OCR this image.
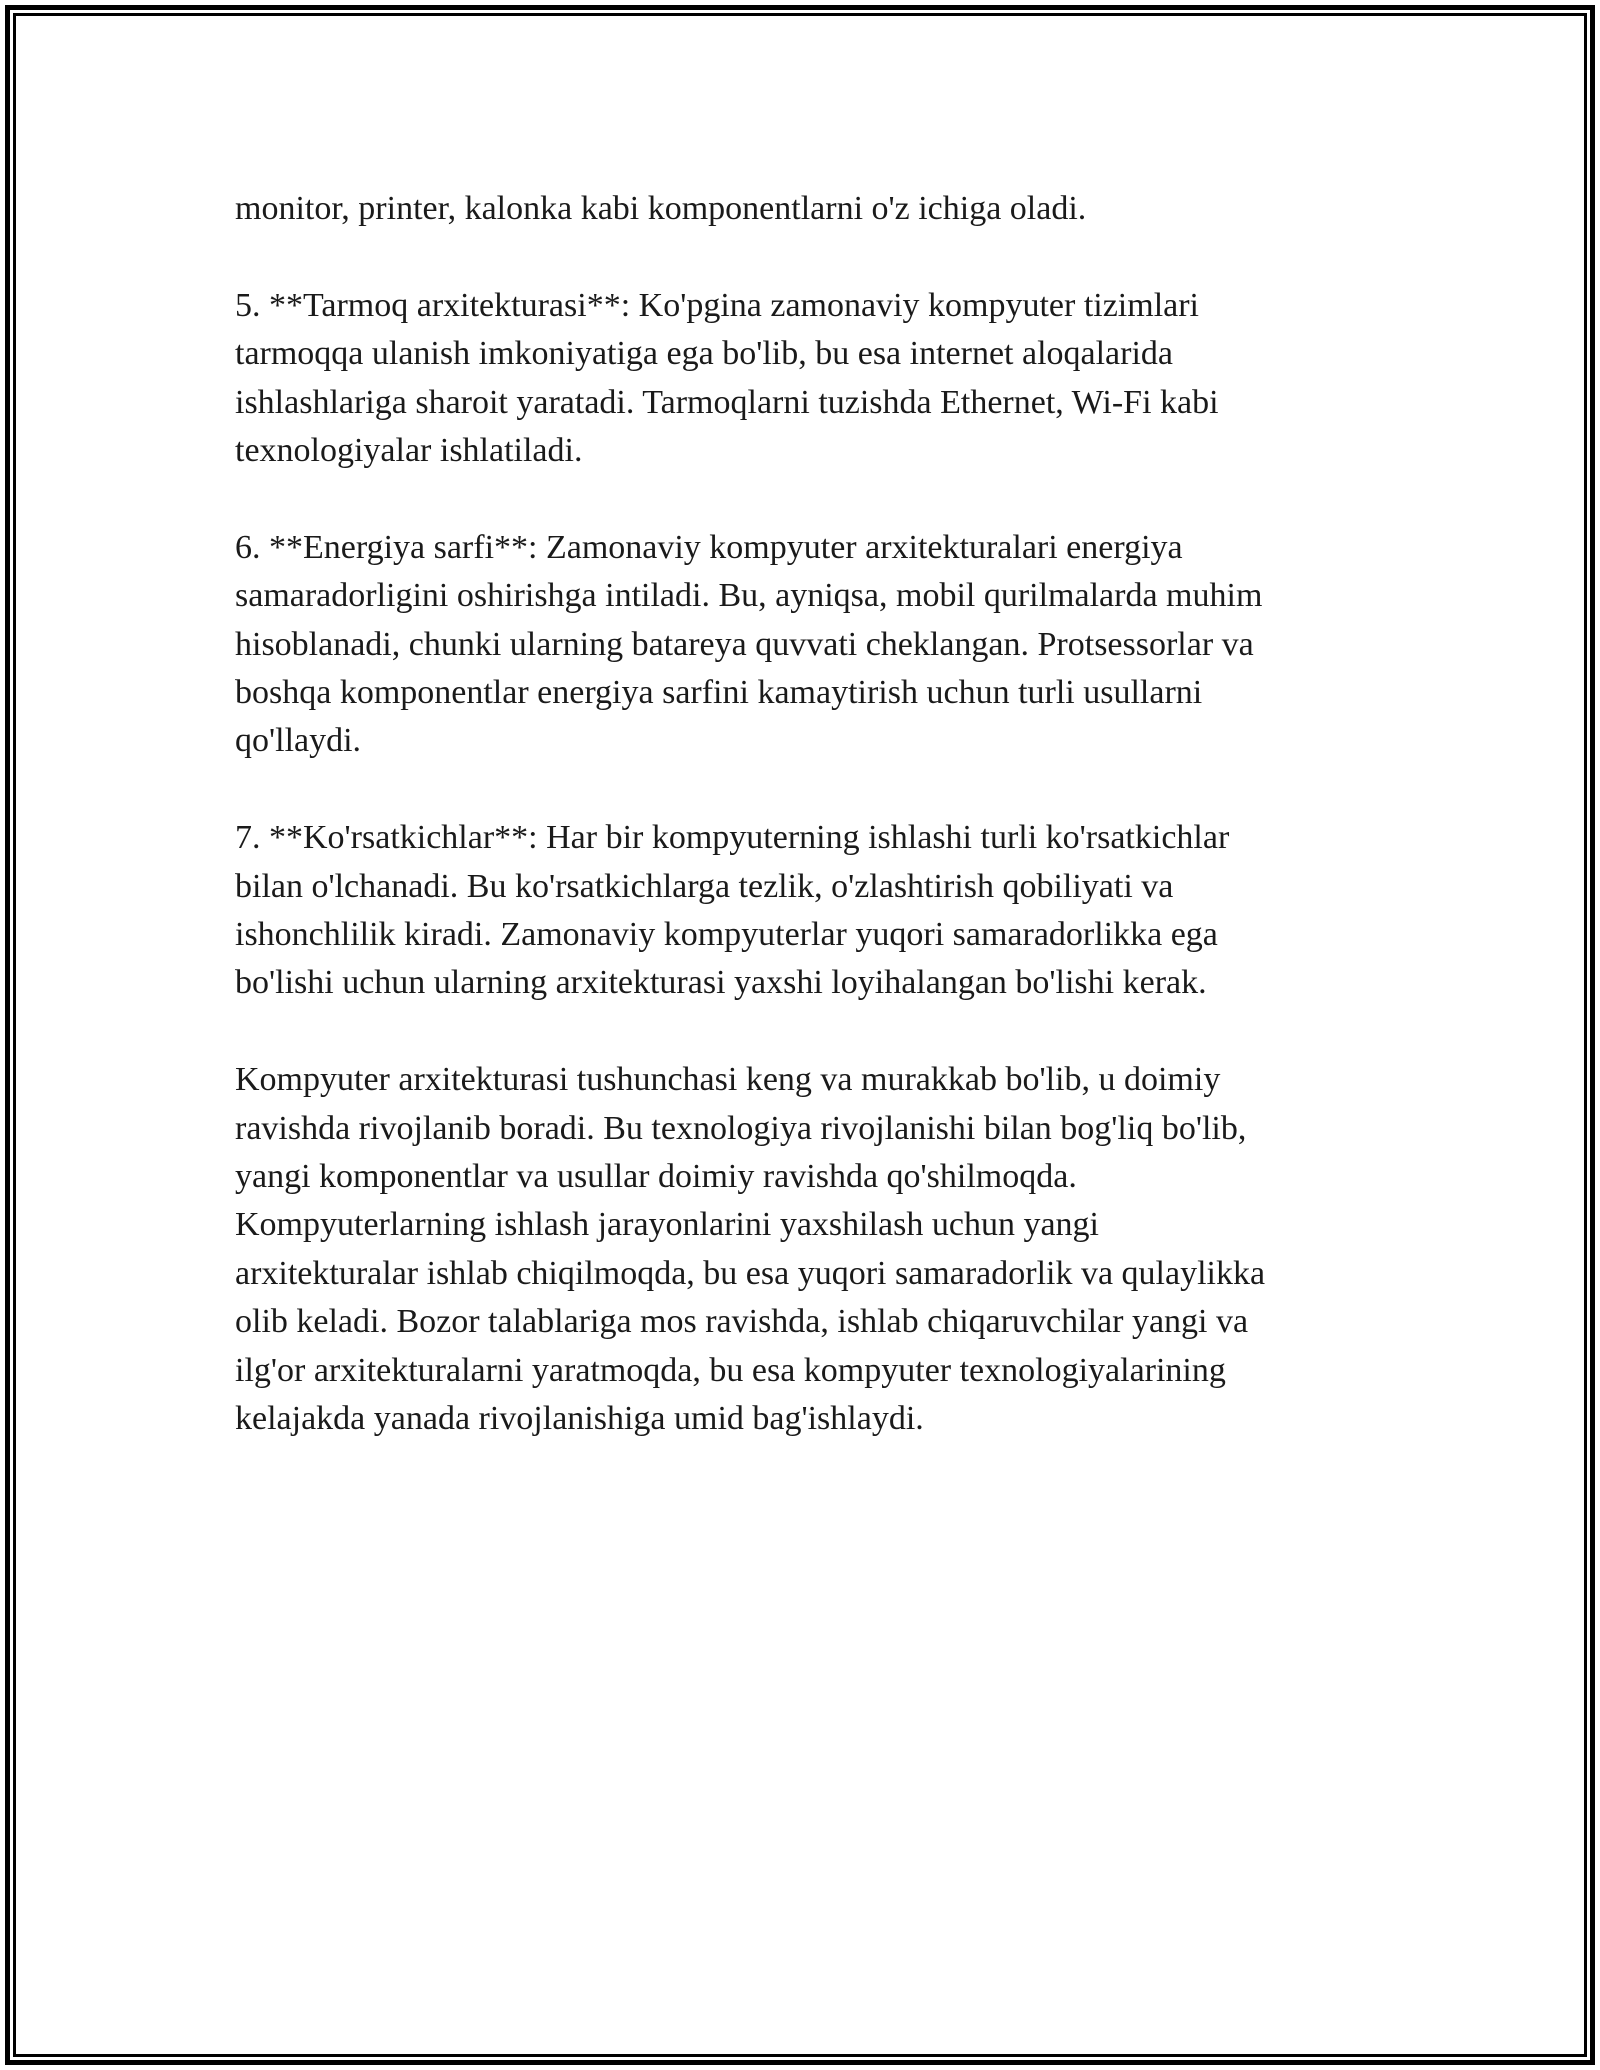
monitor, printer, kalonka kabi komponentlarni o'z ichiga oladi.

5. **Tarmoq arxitekturasi**: Ko'pgina zamonaviy kompyuter tizimlari
tarmoqqa ulanish imkoniyatiga ega bo'lib, bu esa internet aloqalarida
ishlashlariga sharoit yaratadi. Tarmoqlarni tuzishda Ethernet, Wi-Fi kabi
texnologiyalar ishlatiladi.

6. **Energiya sarfi**: Zamonaviy kompyuter arxitekturalari energiya
samaradorligini oshirishga intiladi. Bu, ayniqsa, mobil qurilmalarda muhim
hisoblanadi, chunki ularning batareya quvvati cheklangan. Protsessorlar va
boshqa komponentlar energiya sarfini kamaytirish uchun turli usullarni
qo'llaydi.

7. **Ko'rsatkichlar**: Har bir kompyuterning ishlashi turli ko'rsatkichlar
bilan o'lchanadi. Bu ko'rsatkichlarga tezlik, o'zlashtirish qobiliyati va
ishonchlilik kiradi. Zamonaviy kompyuterlar yuqori samaradorlikka ega
bo'lishi uchun ularning arxitekturasi yaxshi loyihalangan bo'lishi kerak.

Kompyuter arxitekturasi tushunchasi keng va murakkab bo'lib, u doimiy
ravishda rivojlanib boradi. Bu texnologiya rivojlanishi bilan bog'liq bo'lib,
yangi komponentlar va usullar doimiy ravishda qo'shilmoqda.
Kompyuterlarning ishlash jarayonlarini yaxshilash uchun yangi
arxitekturalar ishlab chiqilmoqda, bu esa yuqori samaradorlik va qulaylikka
olib keladi. Bozor talablariga mos ravishda, ishlab chiqaruvchilar yangi va
ilg'or arxitekturalarni yaratmoqda, bu esa kompyuter texnologiyalarining
kelajakda yanada rivojlanishiga umid bag'ishlaydi.
